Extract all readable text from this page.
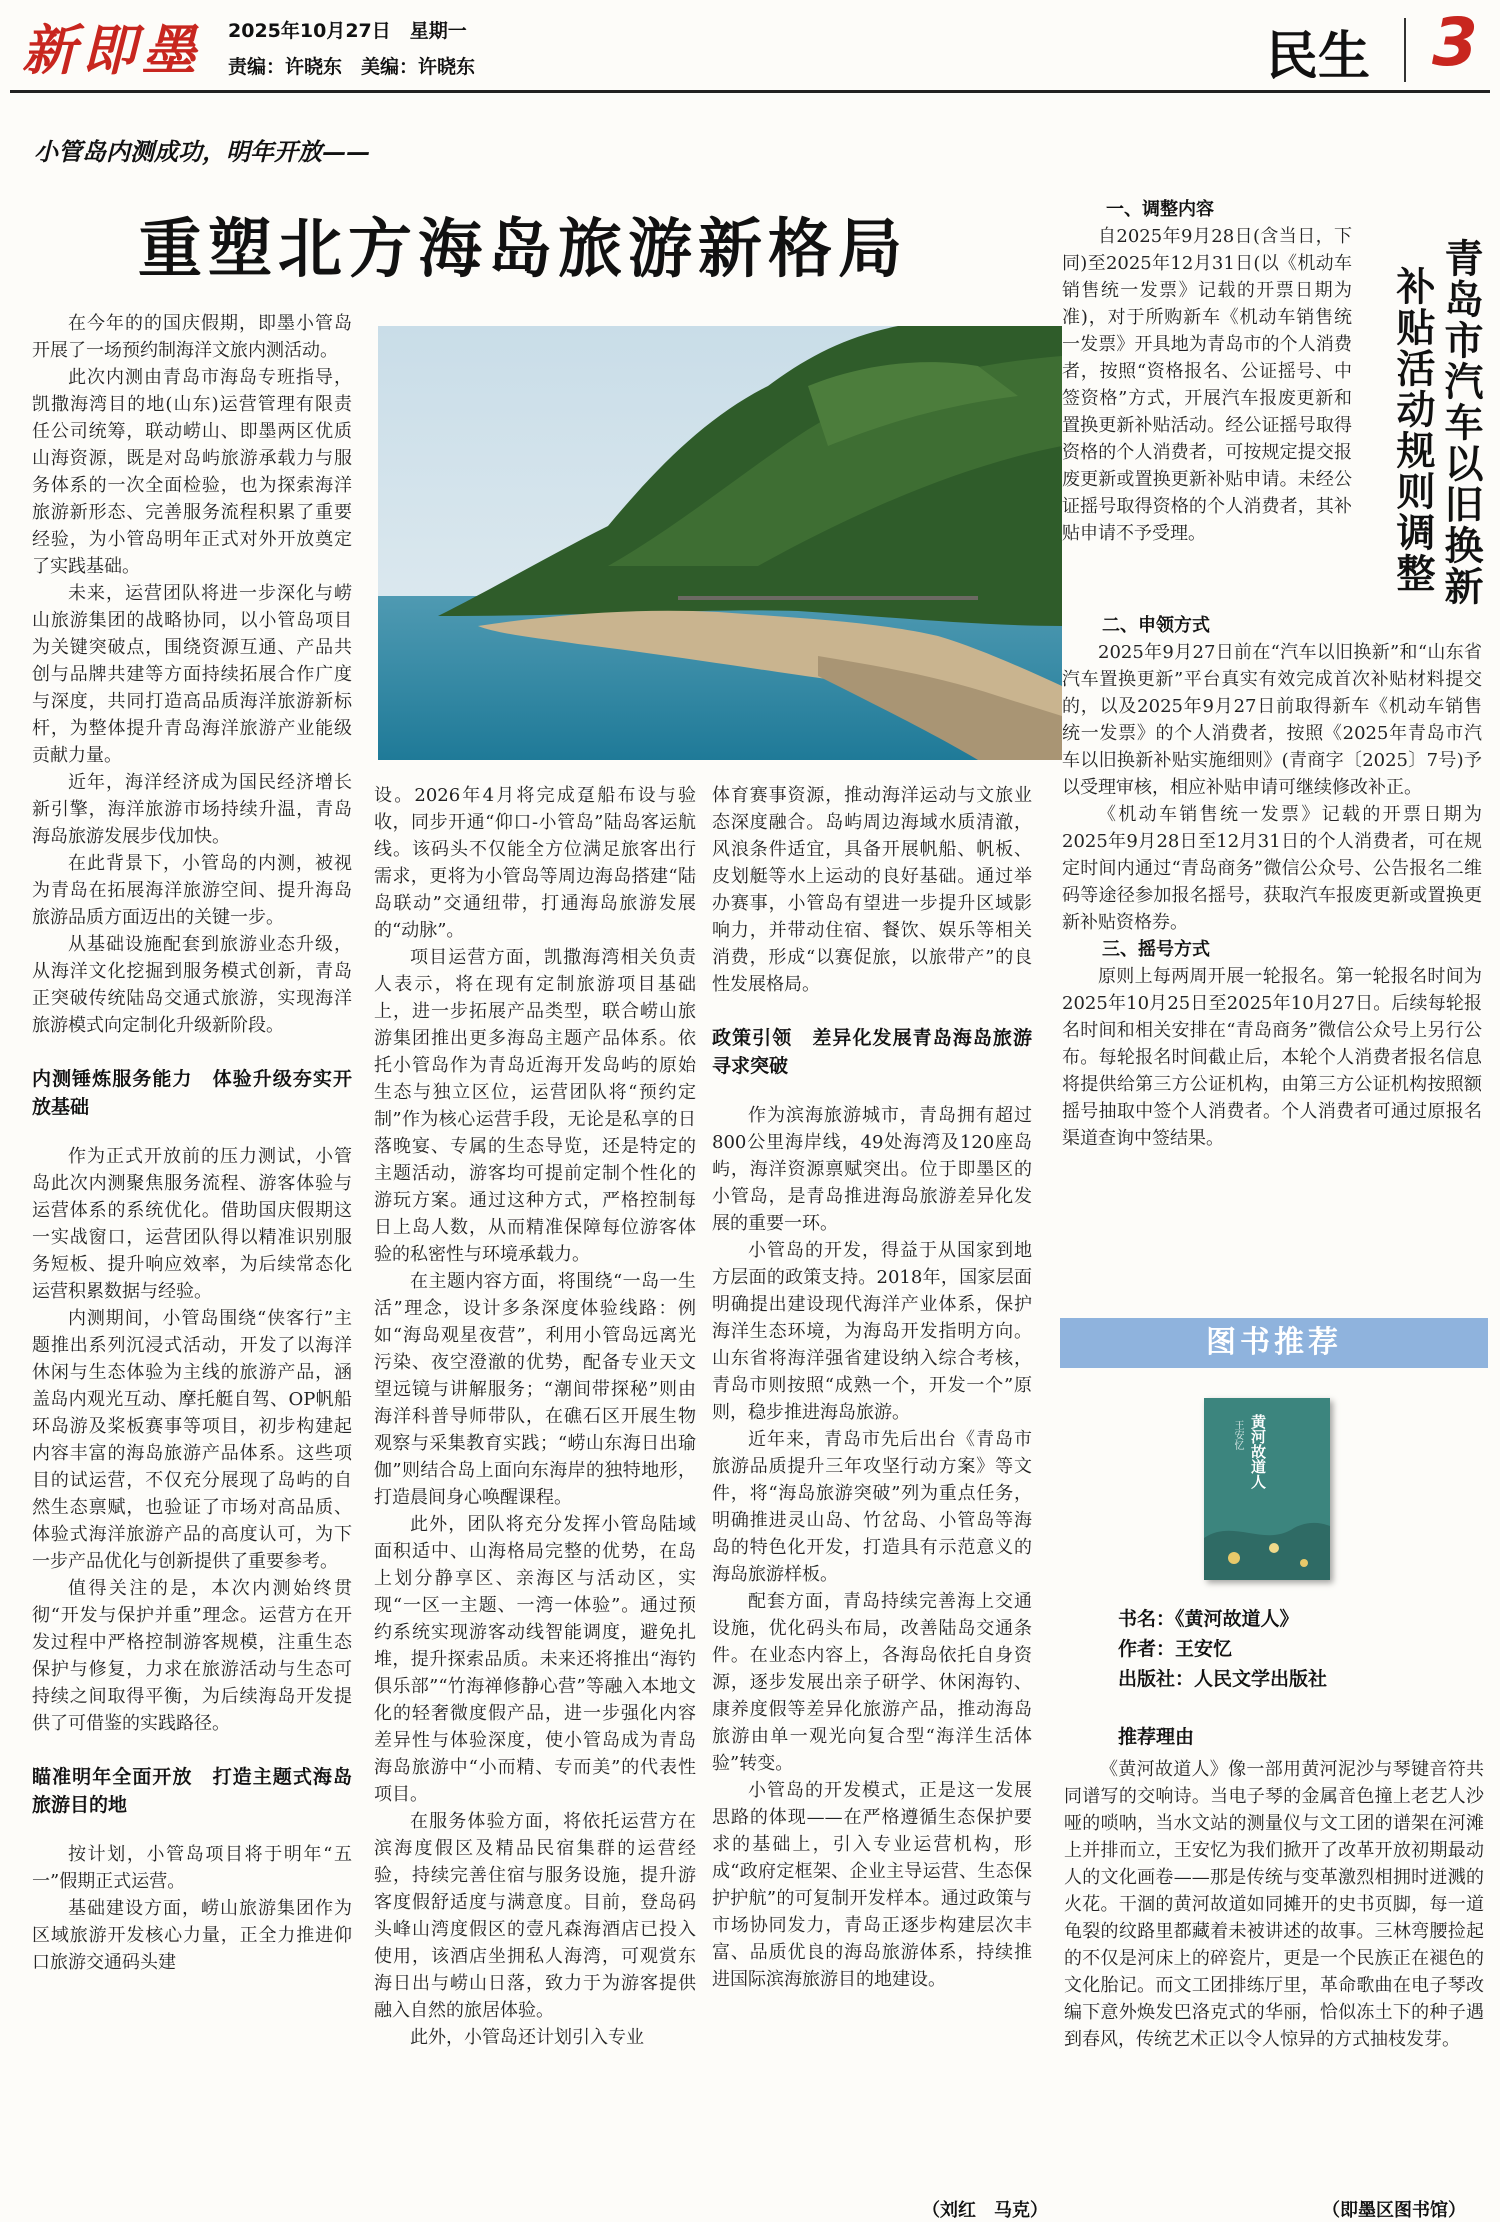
新即墨 2025年10月27日　星期一
责编：许晓东　美编：许晓东	民生 3
小管岛内测成功，明年开放——
重塑北方海岛旅游新格局

在今年的的国庆假期，即墨小管岛开展了一场预约制海洋文旅内测活动。

此次内测由青岛市海岛专班指导，凯撒海湾目的地(山东)运营管理有限责任公司统筹，联动崂山、即墨两区优质山海资源，既是对岛屿旅游承载力与服务体系的一次全面检验，也为探索海洋旅游新形态、完善服务流程积累了重要经验，为小管岛明年正式对外开放奠定了实践基础。

未来，运营团队将进一步深化与崂山旅游集团的战略协同，以小管岛项目为关键突破点，围绕资源互通、产品共创与品牌共建等方面持续拓展合作广度与深度，共同打造高品质海洋旅游新标杆，为整体提升青岛海洋旅游产业能级贡献力量。

近年，海洋经济成为国民经济增长新引擎，海洋旅游市场持续升温，青岛海岛旅游发展步伐加快。

在此背景下，小管岛的内测，被视为青岛在拓展海洋旅游空间、提升海岛旅游品质方面迈出的关键一步。

从基础设施配套到旅游业态升级，从海洋文化挖掘到服务模式创新，青岛正突破传统陆岛交通式旅游，实现海洋旅游模式向定制化升级新阶段。

内测锤炼服务能力　体验升级夯实开放基础

作为正式开放前的压力测试，小管岛此次内测聚焦服务流程、游客体验与运营体系的系统优化。借助国庆假期这一实战窗口，运营团队得以精准识别服务短板、提升响应效率，为后续常态化运营积累数据与经验。

内测期间，小管岛围绕“侠客行”主题推出系列沉浸式活动，开发了以海洋休闲与生态体验为主线的旅游产品，涵盖岛内观光互动、摩托艇自驾、OP帆船环岛游及桨板赛事等项目，初步构建起内容丰富的海岛旅游产品体系。这些项目的试运营，不仅充分展现了岛屿的自然生态禀赋，也验证了市场对高品质、体验式海洋旅游产品的高度认可，为下一步产品优化与创新提供了重要参考。

值得关注的是，本次内测始终贯彻“开发与保护并重”理念。运营方在开发过程中严格控制游客规模，注重生态保护与修复，力求在旅游活动与生态可持续之间取得平衡，为后续海岛开发提供了可借鉴的实践路径。

瞄准明年全面开放　打造主题式海岛旅游目的地

按计划，小管岛项目将于明年“五一”假期正式运营。

基础建设方面，崂山旅游集团作为区域旅游开发核心力量，正全力推进仰口旅游交通码头建

设。2026年4月将完成趸船布设与验收，同步开通“仰口-小管岛”陆岛客运航线。该码头不仅能全方位满足旅客出行需求，更将为小管岛等周边海岛搭建“陆岛联动”交通纽带，打通海岛旅游发展的“动脉”。

项目运营方面，凯撒海湾相关负责人表示，将在现有定制旅游项目基础上，进一步拓展产品类型，联合崂山旅游集团推出更多海岛主题产品体系。依托小管岛作为青岛近海开发岛屿的原始生态与独立区位，运营团队将“预约定制”作为核心运营手段，无论是私享的日落晚宴、专属的生态导览，还是特定的主题活动，游客均可提前定制个性化的游玩方案。通过这种方式，严格控制每日上岛人数，从而精准保障每位游客体验的私密性与环境承载力。

在主题内容方面，将围绕“一岛一生活”理念，设计多条深度体验线路：例如“海岛观星夜营”，利用小管岛远离光污染、夜空澄澈的优势，配备专业天文望远镜与讲解服务；“潮间带探秘”则由海洋科普导师带队，在礁石区开展生物观察与采集教育实践；“崂山东海日出瑜伽”则结合岛上面向东海岸的独特地形，打造晨间身心唤醒课程。

此外，团队将充分发挥小管岛陆域面积适中、山海格局完整的优势，在岛上划分静享区、亲海区与活动区，实现“一区一主题、一湾一体验”。通过预约系统实现游客动线智能调度，避免扎堆，提升探索品质。未来还将推出“海钓俱乐部”“竹海禅修静心营”等融入本地文化的轻奢微度假产品，进一步强化内容差异性与体验深度，使小管岛成为青岛海岛旅游中“小而精、专而美”的代表性项目。

在服务体验方面，将依托运营方在滨海度假区及精品民宿集群的运营经验，持续完善住宿与服务设施，提升游客度假舒适度与满意度。目前，登岛码头峰山湾度假区的壹凡森海酒店已投入使用，该酒店坐拥私人海湾，可观赏东海日出与崂山日落，致力于为游客提供融入自然的旅居体验。

此外，小管岛还计划引入专业

体育赛事资源，推动海洋运动与文旅业态深度融合。岛屿周边海域水质清澈，风浪条件适宜，具备开展帆船、帆板、皮划艇等水上运动的良好基础。通过举办赛事，小管岛有望进一步提升区域影响力，并带动住宿、餐饮、娱乐等相关消费，形成“以赛促旅，以旅带产”的良性发展格局。

政策引领　差异化发展青岛海岛旅游寻求突破

作为滨海旅游城市，青岛拥有超过800公里海岸线，49处海湾及120座岛屿，海洋资源禀赋突出。位于即墨区的小管岛，是青岛推进海岛旅游差异化发展的重要一环。

小管岛的开发，得益于从国家到地方层面的政策支持。2018年，国家层面明确提出建设现代海洋产业体系，保护海洋生态环境，为海岛开发指明方向。山东省将海洋强省建设纳入综合考核，青岛市则按照“成熟一个，开发一个”原则，稳步推进海岛旅游。

近年来，青岛市先后出台《青岛市旅游品质提升三年攻坚行动方案》等文件，将“海岛旅游突破”列为重点任务，明确推进灵山岛、竹岔岛、小管岛等海岛的特色化开发，打造具有示范意义的海岛旅游样板。

配套方面，青岛持续完善海上交通设施，优化码头布局，改善陆岛交通条件。在业态内容上，各海岛依托自身资源，逐步发展出亲子研学、休闲海钓、康养度假等差异化旅游产品，推动海岛旅游由单一观光向复合型“海洋生活体验”转变。

小管岛的开发模式，正是这一发展思路的体现——在严格遵循生态保护要求的基础上，引入专业运营机构，形成“政府定框架、企业主导运营、生态保护护航”的可复制开发样本。通过政策与市场协同发力，青岛正逐步构建层次丰富、品质优良的海岛旅游体系，持续推进国际滨海旅游目的地建设。

（刘红　马克）
青岛市汽车以旧换新
补贴活动规则调整
一、调整内容

自2025年9月28日(含当日，下同)至2025年12月31日(以《机动车销售统一发票》记载的开票日期为准)，对于所购新车《机动车销售统一发票》开具地为青岛市的个人消费者，按照“资格报名、公证摇号、中签资格”方式，开展汽车报废更新和置换更新补贴活动。经公证摇号取得资格的个人消费者，可按规定提交报废更新或置换更新补贴申请。未经公证摇号取得资格的个人消费者，其补贴申请不予受理。

二、申领方式

2025年9月27日前在“汽车以旧换新”和“山东省汽车置换更新”平台真实有效完成首次补贴材料提交的，以及2025年9月27日前取得新车《机动车销售统一发票》的个人消费者，按照《2025年青岛市汽车以旧换新补贴实施细则》(青商字〔2025〕7号)予以受理审核，相应补贴申请可继续修改补正。

《机动车销售统一发票》记载的开票日期为2025年9月28日至12月31日的个人消费者，可在规定时间内通过“青岛商务”微信公众号、公告报名二维码等途径参加报名摇号，获取汽车报废更新或置换更新补贴资格券。

三、摇号方式

原则上每两周开展一轮报名。第一轮报名时间为2025年10月25日至2025年10月27日。后续每轮报名时间和相关安排在“青岛商务”微信公众号上另行公布。每轮报名时间截止后，本轮个人消费者报名信息将提供给第三方公证机构，由第三方公证机构按照额摇号抽取中签个人消费者。个人消费者可通过原报名渠道查询中签结果。

图书推荐
黄河故道人
王安忆
书名：《黄河故道人》
作者：王安忆
出版社：人民文学出版社
推荐理由

《黄河故道人》像一部用黄河泥沙与琴键音符共同谱写的交响诗。当电子琴的金属音色撞上老艺人沙哑的唢呐，当水文站的测量仪与文工团的谱架在河滩上并排而立，王安忆为我们掀开了改革开放初期最动人的文化画卷——那是传统与变革激烈相拥时迸溅的火花。干涸的黄河故道如同摊开的史书页脚，每一道龟裂的纹路里都藏着未被讲述的故事。三林弯腰捡起的不仅是河床上的碎瓷片，更是一个民族正在褪色的文化胎记。而文工团排练厅里，革命歌曲在电子琴改编下意外焕发巴洛克式的华丽，恰似冻土下的种子遇到春风，传统艺术正以令人惊异的方式抽枝发芽。

（即墨区图书馆）
